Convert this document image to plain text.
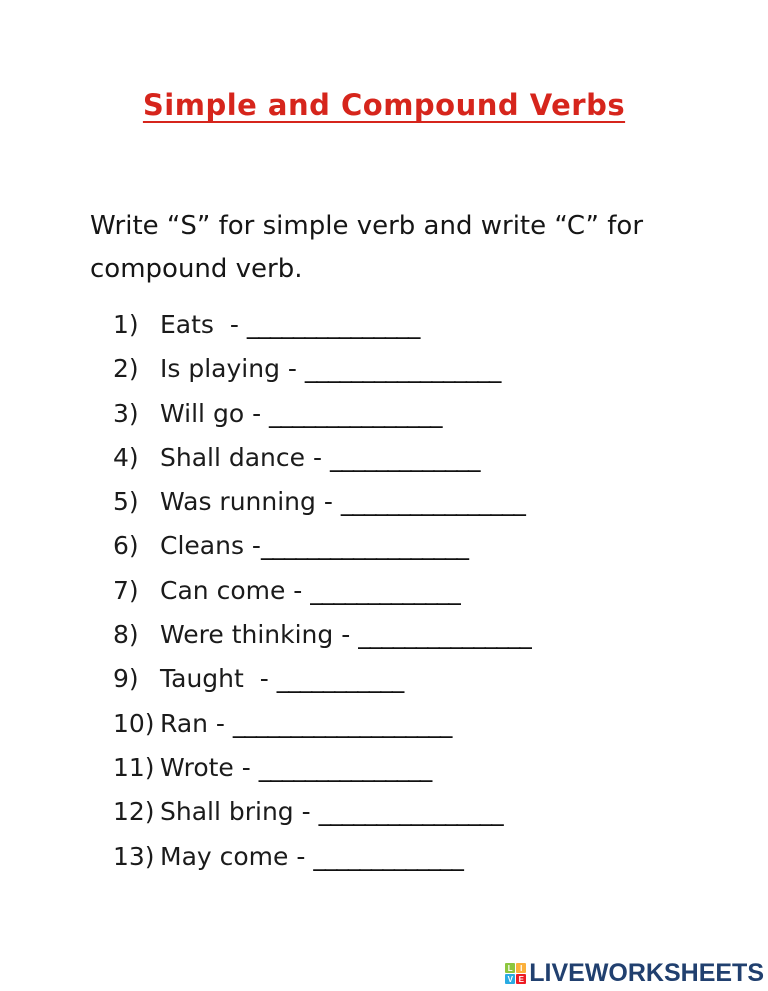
Simple and Compound Verbs
Write “S” for simple verb and write “C” for
compound verb.
1) Eats  - _______________
2) Is playing - _________________
3) Will go - _______________
4) Shall dance - _____________
5) Was running - ________________
6) Cleans -__________________
7) Can come - _____________
8) Were thinking - _______________
9) Taught  - ___________
10) Ran - ___________________
11) Wrote - _______________
12) Shall bring - ________________
13) May come - _____________
L I
V E LIVEWORKSHEETS
